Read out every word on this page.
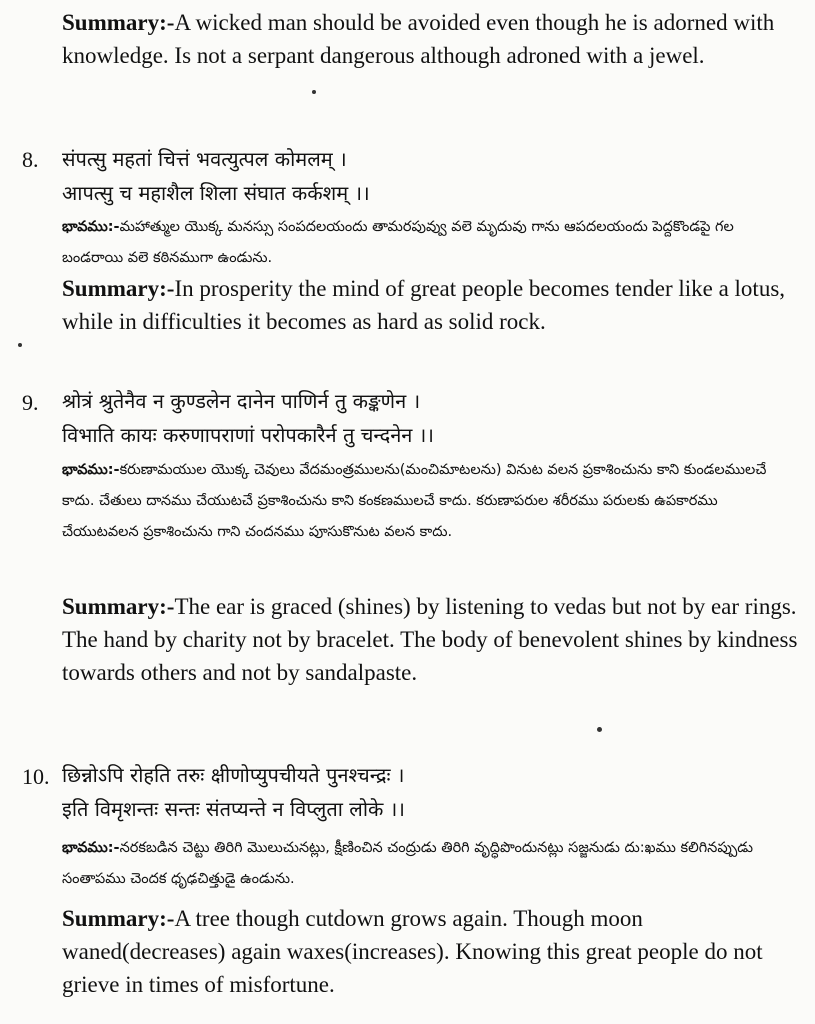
Summary:-A wicked man should be avoided even though he is adorned with knowledge. Is not a serpant dangerous although adroned with a jewel.
8. संपत्सु महतां चित्तं भवत्युत्पल कोमलम् ।
आपत्सु च महाशैल शिला संघात कर्कशम् ।।
భావము:-మహాత్ముల యొక్క మనస్సు సంపదలయందు తామరపువ్వు వలె మృదువు గాను ఆపదలయందు పెద్దకొండపై గల బండరాయి వలె కఠినముగా ఉండును.
Summary:-In prosperity the mind of great people becomes tender like a lotus, while in difficulties it becomes as hard as solid rock.
9. श्रोत्रं श्रुतेनैव न कुण्डलेन दानेन पाणिर्न तु कङ्कणेन ।
विभाति कायः करुणापराणां परोपकारैर्न तु चन्दनेन ।।
భావము:-కరుణామయుల యొక్క చెవులు వేదమంత్రములను(మంచిమాటలను) వినుట వలన ప్రకాశించును కాని కుండలములచే కాదు. చేతులు దానము చేయుటచే ప్రకాశించును కాని కంకణములచే కాదు. కరుణాపరుల శరీరము పరులకు ఉపకారము చేయుటవలన ప్రకాశించును గాని చందనము పూసుకొనుట వలన కాదు.
Summary:-The ear is graced (shines) by listening to vedas but not by ear rings. The hand by charity not by bracelet. The body of benevolent shines by kindness towards others and not by sandalpaste.
10. छिन्नोऽपि रोहति तरुः क्षीणोप्युपचीयते पुनश्चन्द्रः ।
इति विमृशन्तः सन्तः संतप्यन्ते न विप्लुता लोके ।।
భావము:-నరకబడిన చెట్టు తిరిగి మొలుచునట్లు, క్షీణించిన చంద్రుడు తిరిగి వృద్ధిపొందునట్లు సజ్జనుడు దు:ఖము కలిగినప్పుడు సంతాపము చెందక ధృఢచిత్తుడై ఉండును.
Summary:-A tree though cutdown grows again. Though moon waned(decreases) again waxes(increases). Knowing this great people do not grieve in times of misfortune.
